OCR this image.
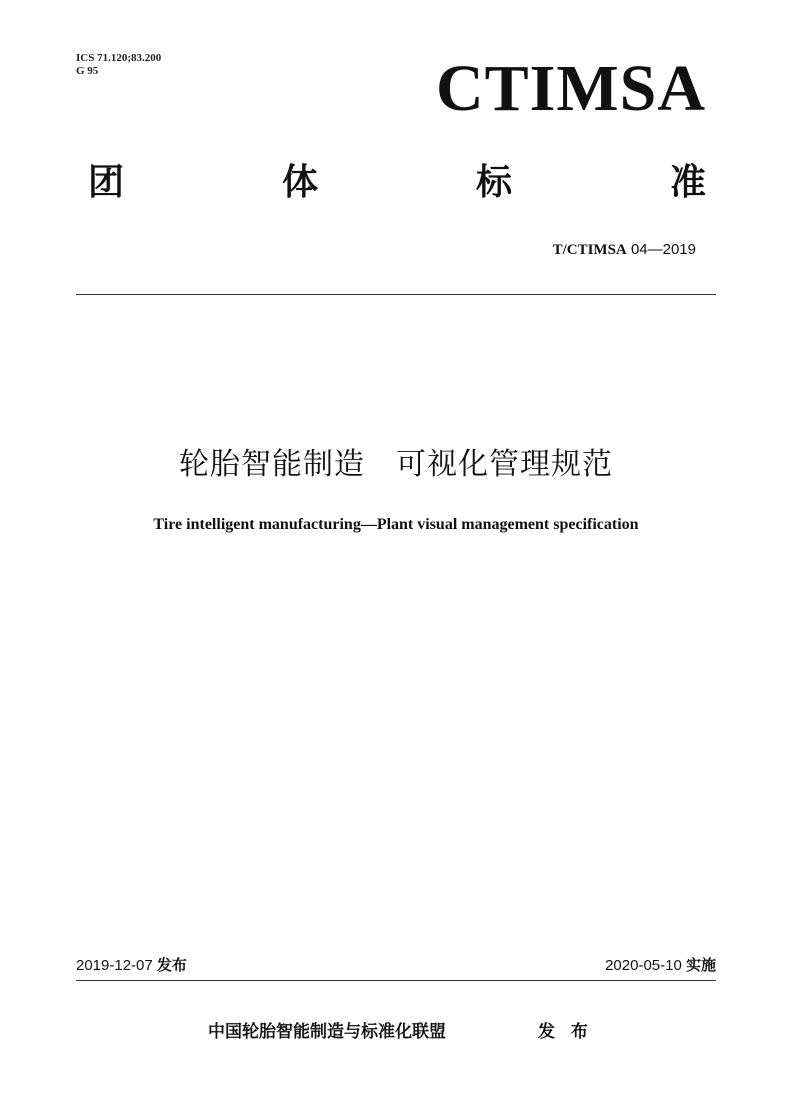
ICS 71.120;83.200
G 95	CTIMSA
团	体	标	准
T/CTIMSA 04—2019
轮胎智能制造　可视化管理规范
Tire intelligent manufacturing—Plant visual management specification
2019-12-07 发布	2020-05-10 实施
中国轮胎智能制造与标准化联盟	发 布
